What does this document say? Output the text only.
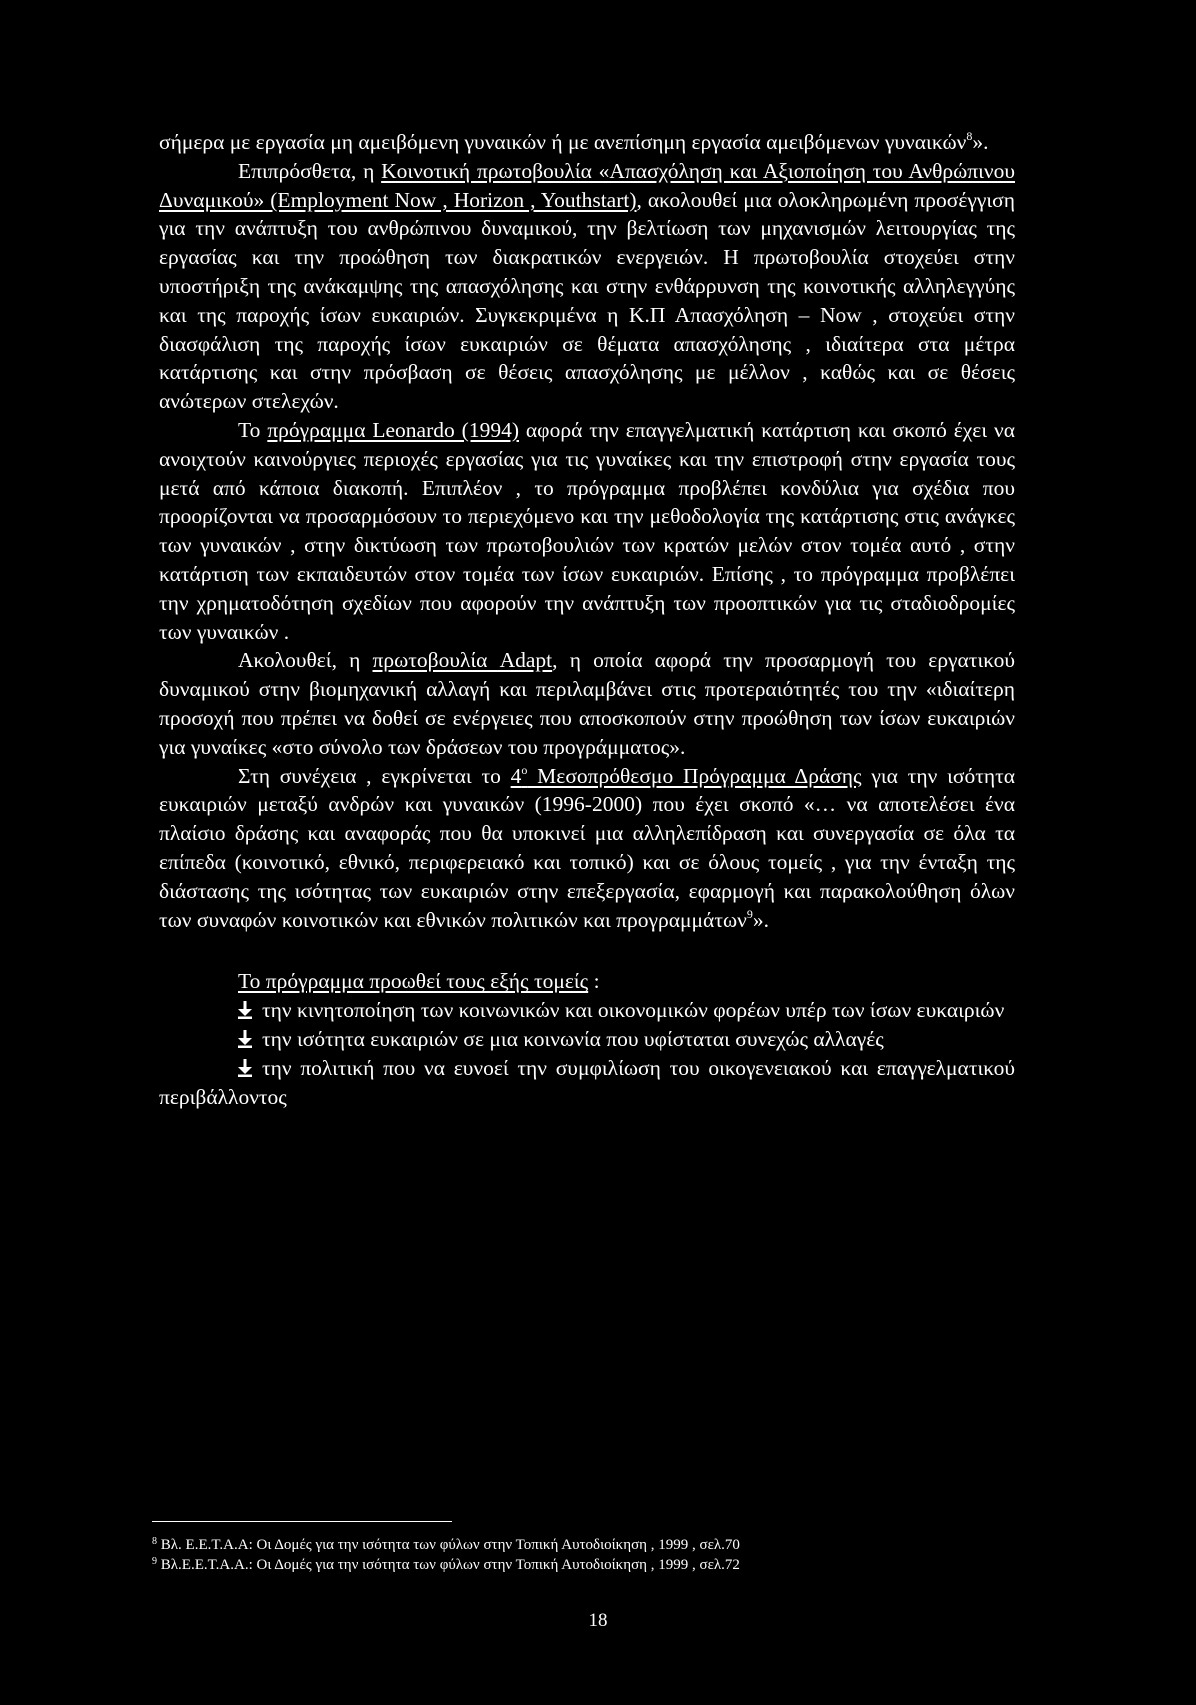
σήμερα με εργασία μη αμειβόμενη γυναικών ή με ανεπίσημη εργασία αμειβόμενων γυναικών$^8$».

Επιπρόσθετα, η Κοινοτική πρωτοβουλία «Απασχόληση και Αξιοποίηση του Ανθρώπινου Δυναμικού» (Employment Now , Horizon , Youthstart), ακολουθεί μια ολοκληρωμένη προσέγγιση για την ανάπτυξη του ανθρώπινου δυναμικού, την βελτίωση των μηχανισμών λειτουργίας της εργασίας και την προώθηση των διακρατικών ενεργειών. Η πρωτοβουλία στοχεύει στην υποστήριξη της ανάκαμψης της απασχόλησης και στην ενθάρρυνση της κοινοτικής αλληλεγγύης και της παροχής ίσων ευκαιριών. Συγκεκριμένα η Κ.Π Απασχόληση – Now , στοχεύει στην διασφάλιση της παροχής ίσων ευκαιριών σε θέματα απασχόλησης , ιδιαίτερα στα μέτρα κατάρτισης και στην πρόσβαση σε θέσεις απασχόλησης με μέλλον , καθώς και σε θέσεις ανώτερων στελεχών.

Το πρόγραμμα Leonardo (1994) αφορά την επαγγελματική κατάρτιση και σκοπό έχει να ανοιχτούν καινούργιες περιοχές εργασίας για τις γυναίκες και την επιστροφή στην εργασία τους μετά από κάποια διακοπή. Επιπλέον , το πρόγραμμα προβλέπει κονδύλια για σχέδια που προορίζονται να προσαρμόσουν το περιεχόμενο και την μεθοδολογία της κατάρτισης στις ανάγκες των γυναικών , στην δικτύωση των πρωτοβουλιών των κρατών μελών στον τομέα αυτό , στην κατάρτιση των εκπαιδευτών στον τομέα των ίσων ευκαιριών. Επίσης , το πρόγραμμα προβλέπει την χρηματοδότηση σχεδίων που αφορούν την ανάπτυξη των προοπτικών για τις σταδιοδρομίες των γυναικών .

Ακολουθεί, η πρωτοβουλία Adapt, η οποία αφορά την προσαρμογή του εργατικού δυναμικού στην βιομηχανική αλλαγή και περιλαμβάνει στις προτεραιότητές του την «ιδιαίτερη προσοχή που πρέπει να δοθεί σε ενέργειες που αποσκοπούν στην προώθηση των ίσων ευκαιριών για γυναίκες «στο σύνολο των δράσεων του προγράμματος».

Στη συνέχεια , εγκρίνεται το $4^o$ Μεσοπρόθεσμο Πρόγραμμα Δράσης για την ισότητα ευκαιριών μεταξύ ανδρών και γυναικών (1996-2000) που έχει σκοπό «… να αποτελέσει ένα πλαίσιο δράσης και αναφοράς που θα υποκινεί μια αλληλεπίδραση και συνεργασία σε όλα τα επίπεδα (κοινοτικό, εθνικό, περιφερειακό και τοπικό) και σε όλους τομείς , για την ένταξη της διάστασης της ισότητας των ευκαιριών στην επεξεργασία, εφαρμογή και παρακολούθηση όλων των συναφών κοινοτικών και εθνικών πολιτικών και προγραμμάτων$^9$».

Το πρόγραμμα προωθεί τους εξής τομείς :

την κινητοποίηση των κοινωνικών και οικονομικών φορέων υπέρ των ίσων ευκαιριών

την ισότητα ευκαιριών σε μια κοινωνία που υφίσταται συνεχώς αλλαγές

την πολιτική που να ευνοεί την συμφιλίωση του οικογενειακού και επαγγελματικού περιβάλλοντος

$^8$ Βλ. Ε.Ε.Τ.Α.Α: Οι Δομές για την ισότητα των φύλων στην Τοπική Αυτοδιοίκηση , 1999 , σελ.70
$^9$ Βλ.Ε.Ε.Τ.Α.Α.: Οι Δομές για την ισότητα των φύλων στην Τοπική Αυτοδιοίκηση , 1999 , σελ.72
18
